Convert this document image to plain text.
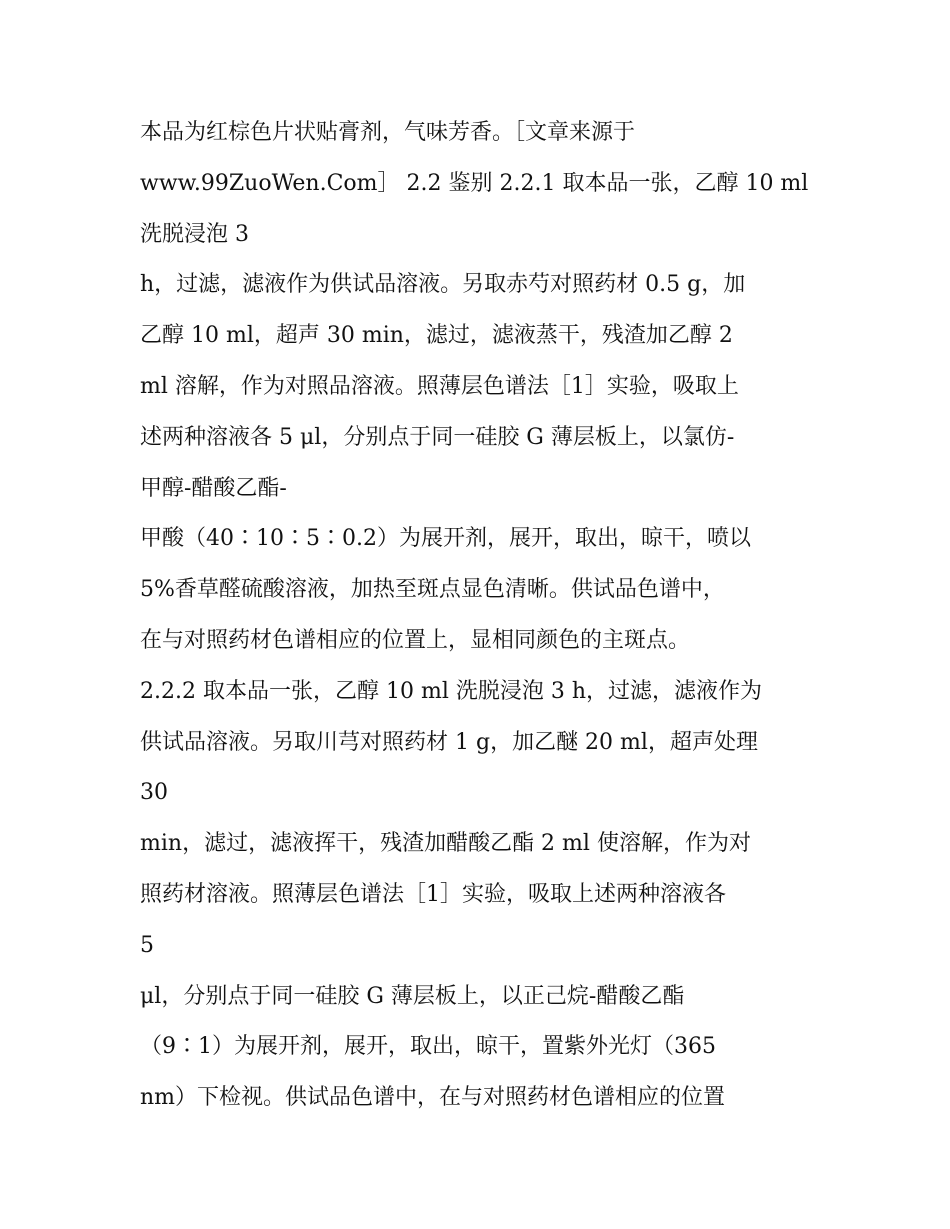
本品为红棕色片状贴膏剂，气味芳香。［文章来源于
www.99ZuoWen.Com］ 2.2 鉴别 2.2.1 取本品一张，乙醇 10 ml
洗脱浸泡 3
h，过滤，滤液作为供试品溶液。另取赤芍对照药材 0.5 g，加
乙醇 10 ml，超声 30 min，滤过，滤液蒸干，残渣加乙醇 2
ml 溶解，作为对照品溶液。照薄层色谱法［1］实验，吸取上
述两种溶液各 5 μl，分别点于同一硅胶 G 薄层板上，以氯仿-
甲醇-醋酸乙酯-
甲酸（40∶10∶5∶0.2）为展开剂，展开，取出，晾干，喷以
5%香草醛硫酸溶液，加热至斑点显色清晰。供试品色谱中，
在与对照药材色谱相应的位置上，显相同颜色的主斑点。
2.2.2 取本品一张，乙醇 10 ml 洗脱浸泡 3 h，过滤，滤液作为
供试品溶液。另取川芎对照药材 1 g，加乙醚 20 ml，超声处理
30
min，滤过，滤液挥干，残渣加醋酸乙酯 2 ml 使溶解，作为对
照药材溶液。照薄层色谱法［1］实验，吸取上述两种溶液各
5
μl，分别点于同一硅胶 G 薄层板上，以正己烷-醋酸乙酯
（9∶1）为展开剂，展开，取出，晾干，置紫外光灯（365
nm）下检视。供试品色谱中，在与对照药材色谱相应的位置
